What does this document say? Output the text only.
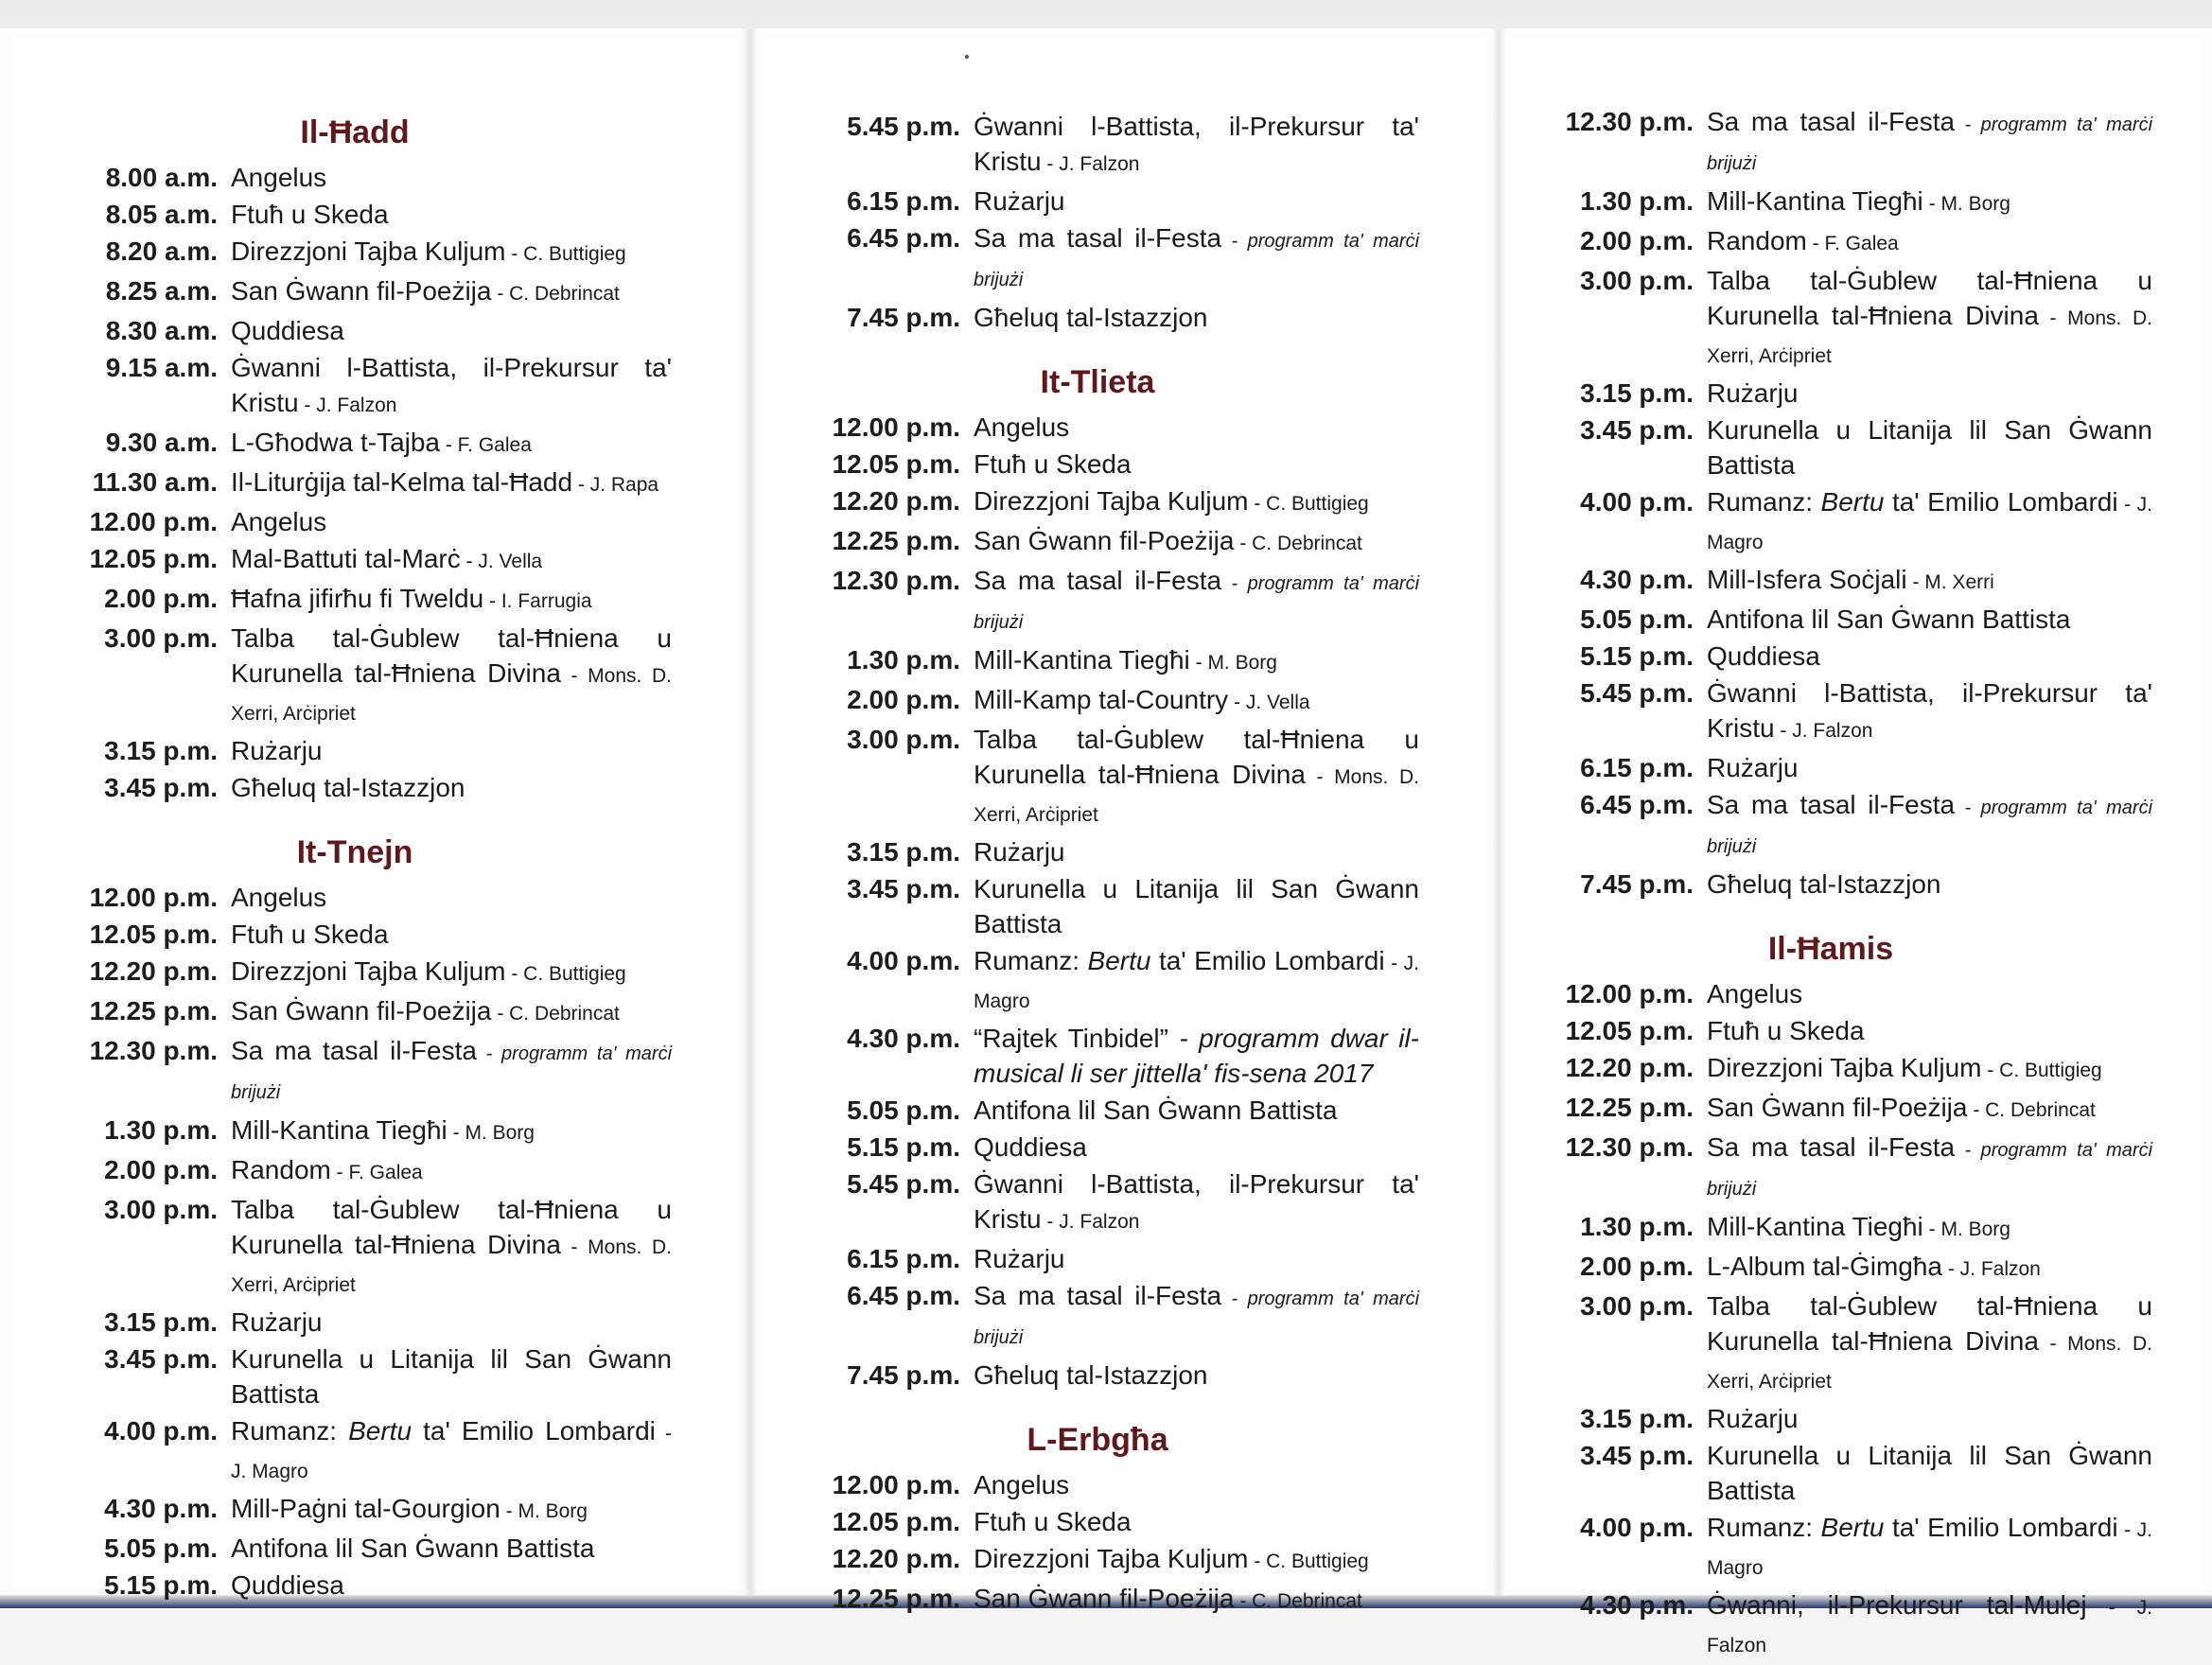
Il-Ħadd
8.00 a.m. Angelus
8.05 a.m. Ftuħ u Skeda
8.20 a.m. Direzzjoni Tajba Kuljum - C. Buttigieg
8.25 a.m. San Ġwann fil-Poeżija - C. Debrincat
8.30 a.m. Quddiesa
9.15 a.m. Ġwanni l-Battista, il-Prekursur ta' Kristu - J. Falzon
9.30 a.m. L-Għodwa t-Tajba - F. Galea
11.30 a.m. Il-Liturġija tal-Kelma tal-Ħadd - J. Rapa
12.00 p.m. Angelus
12.05 p.m. Mal-Battuti tal-Marċ - J. Vella
2.00 p.m. Ħafna jifirħu fi Tweldu - I. Farrugia
3.00 p.m. Talba tal-Ġublew tal-Ħniena u Kurunella tal-Ħniena Divina - Mons. D. Xerri, Arċipriet
3.15 p.m. Rużarju
3.45 p.m. Għeluq tal-Istazzjon
It-Tnejn
12.00 p.m. Angelus
12.05 p.m. Ftuħ u Skeda
12.20 p.m. Direzzjoni Tajba Kuljum - C. Buttigieg
12.25 p.m. San Ġwann fil-Poeżija - C. Debrincat
12.30 p.m. Sa ma tasal il-Festa - programm ta' marċi brijużi
1.30 p.m. Mill-Kantina Tiegħi - M. Borg
2.00 p.m. Random - F. Galea
3.00 p.m. Talba tal-Ġublew tal-Ħniena u Kurunella tal-Ħniena Divina - Mons. D. Xerri, Arċipriet
3.15 p.m. Rużarju
3.45 p.m. Kurunella u Litanija lil San Ġwann Battista
4.00 p.m. Rumanz: Bertu ta' Emilio Lombardi - J. Magro
4.30 p.m. Mill-Paġni tal-Gourgion - M. Borg
5.05 p.m. Antifona lil San Ġwann Battista
5.15 p.m. Quddiesa
5.45 p.m. Ġwanni l-Battista, il-Prekursur ta' Kristu - J. Falzon
6.15 p.m. Rużarju
6.45 p.m. Sa ma tasal il-Festa - programm ta' marċi brijużi
7.45 p.m. Għeluq tal-Istazzjon
It-Tlieta
12.00 p.m. Angelus
12.05 p.m. Ftuħ u Skeda
12.20 p.m. Direzzjoni Tajba Kuljum - C. Buttigieg
12.25 p.m. San Ġwann fil-Poeżija - C. Debrincat
12.30 p.m. Sa ma tasal il-Festa - programm ta' marċi brijużi
1.30 p.m. Mill-Kantina Tiegħi - M. Borg
2.00 p.m. Mill-Kamp tal-Country - J. Vella
3.00 p.m. Talba tal-Ġublew tal-Ħniena u Kurunella tal-Ħniena Divina - Mons. D. Xerri, Arċipriet
3.15 p.m. Rużarju
3.45 p.m. Kurunella u Litanija lil San Ġwann Battista
4.00 p.m. Rumanz: Bertu ta' Emilio Lombardi - J. Magro
4.30 p.m. “Rajtek Tinbidel” - programm dwar il-musical li ser jittella' fis-sena 2017
5.05 p.m. Antifona lil San Ġwann Battista
5.15 p.m. Quddiesa
5.45 p.m. Ġwanni l-Battista, il-Prekursur ta' Kristu - J. Falzon
6.15 p.m. Rużarju
6.45 p.m. Sa ma tasal il-Festa - programm ta' marċi brijużi
7.45 p.m. Għeluq tal-Istazzjon
L-Erbgħa
12.00 p.m. Angelus
12.05 p.m. Ftuħ u Skeda
12.20 p.m. Direzzjoni Tajba Kuljum - C. Buttigieg
12.25 p.m. San Ġwann fil-Poeżija - C. Debrincat
12.30 p.m. Sa ma tasal il-Festa - programm ta' marċi brijużi
1.30 p.m. Mill-Kantina Tiegħi - M. Borg
2.00 p.m. Random - F. Galea
3.00 p.m. Talba tal-Ġublew tal-Ħniena u Kurunella tal-Ħniena Divina - Mons. D. Xerri, Arċipriet
3.15 p.m. Rużarju
3.45 p.m. Kurunella u Litanija lil San Ġwann Battista
4.00 p.m. Rumanz: Bertu ta' Emilio Lombardi - J. Magro
4.30 p.m. Mill-Isfera Soċjali - M. Xerri
5.05 p.m. Antifona lil San Ġwann Battista
5.15 p.m. Quddiesa
5.45 p.m. Ġwanni l-Battista, il-Prekursur ta' Kristu - J. Falzon
6.15 p.m. Rużarju
6.45 p.m. Sa ma tasal il-Festa - programm ta' marċi brijużi
7.45 p.m. Għeluq tal-Istazzjon
Il-Ħamis
12.00 p.m. Angelus
12.05 p.m. Ftuħ u Skeda
12.20 p.m. Direzzjoni Tajba Kuljum - C. Buttigieg
12.25 p.m. San Ġwann fil-Poeżija - C. Debrincat
12.30 p.m. Sa ma tasal il-Festa - programm ta' marċi brijużi
1.30 p.m. Mill-Kantina Tiegħi - M. Borg
2.00 p.m. L-Album tal-Ġimgħa - J. Falzon
3.00 p.m. Talba tal-Ġublew tal-Ħniena u Kurunella tal-Ħniena Divina - Mons. D. Xerri, Arċipriet
3.15 p.m. Rużarju
3.45 p.m. Kurunella u Litanija lil San Ġwann Battista
4.00 p.m. Rumanz: Bertu ta' Emilio Lombardi - J. Magro
4.30 p.m. Ġwanni, il-Prekursur tal-Mulej - J. Falzon
